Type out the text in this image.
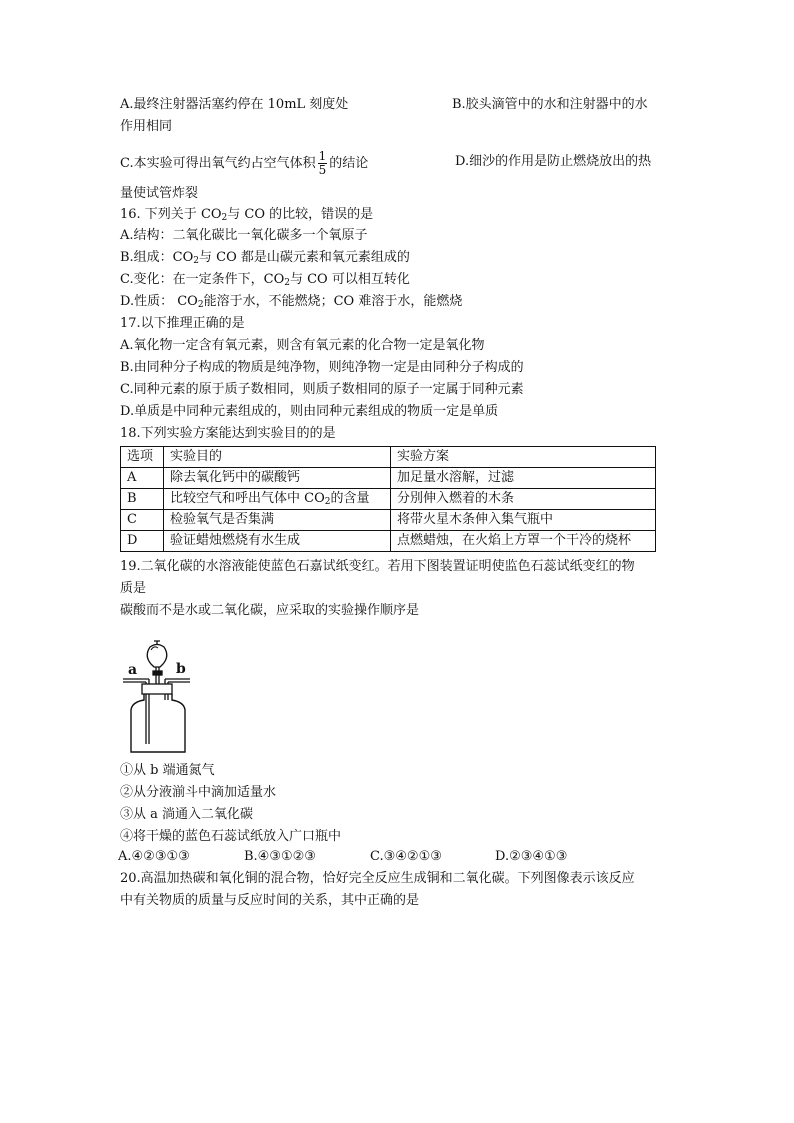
A.最终注射器活塞约停在 10mL 刻度处	B.胶头滴管中的水和注射器中的水
作用相同
C.本实验可得出氧气约占空气体积 $\frac{1}{5}$ 的结论	D.细沙的作用是防止燃烧放出的热
量使试管炸裂
16. 下列关于 $CO_2$与 CO 的比较，错误的是
A.结构：二氧化碳比一氧化碳多一个氧原子
B.组成：$CO_2$与 CO 都是山碳元素和氧元素组成的
C.变化：在一定条件下，$CO_2$与 CO 可以相互转化
D.性质： $CO_2$能溶于水，不能燃烧；CO 难溶于水，能燃烧
17.以下推理正确的是
A.氧化物一定含有氧元素，则含有氧元素的化合物一定是氧化物
B.由同种分子构成的物质是纯净物，则纯净物一定是由同种分子构成的
C.同种元素的原于质子数相同，则质子数相同的原子一定属于同种元素
D.单质是中同种元素组成的，则由同种元素组成的物质一定是单质
18.下列实验方案能达到实验目的的是
选项	实验目的	实验方案
A	除去氧化钙中的碳酸钙	加足量水溶解，过滤
B	比较空气和呼出气体中 $CO_2$的含量	分別伸入燃着的木条
C	检验氧气是否集满	将带火星木条伸入集气瓶中
D	验证蜡烛燃烧有水生成	点燃蜡烛，在火焰上方罩一个干冷的烧杯
19.二氧化碳的水溶液能使蓝色石嘉试纸变红。若用下图装置证明使监色石蕊试纸变红的物
质是
碳酸而不是水或二氧化碳，应采取的实验操作顺序是
a	b
①从 b 端通氮气
②从分液湔斗中滴加适量水
③从 a 淌通入二氧化碳
④将干燥的蓝色石蕊试纸放入广口瓶中
A.④②③①③	B.④③①②③	C.③④②①③	D.②③④①③
20.高温加热碳和氧化铜的混合物，恰好完全反应生成铜和二氧化碳。下列图像表示该反应
中有关物质的质量与反应时间的关系，其中正确的是
